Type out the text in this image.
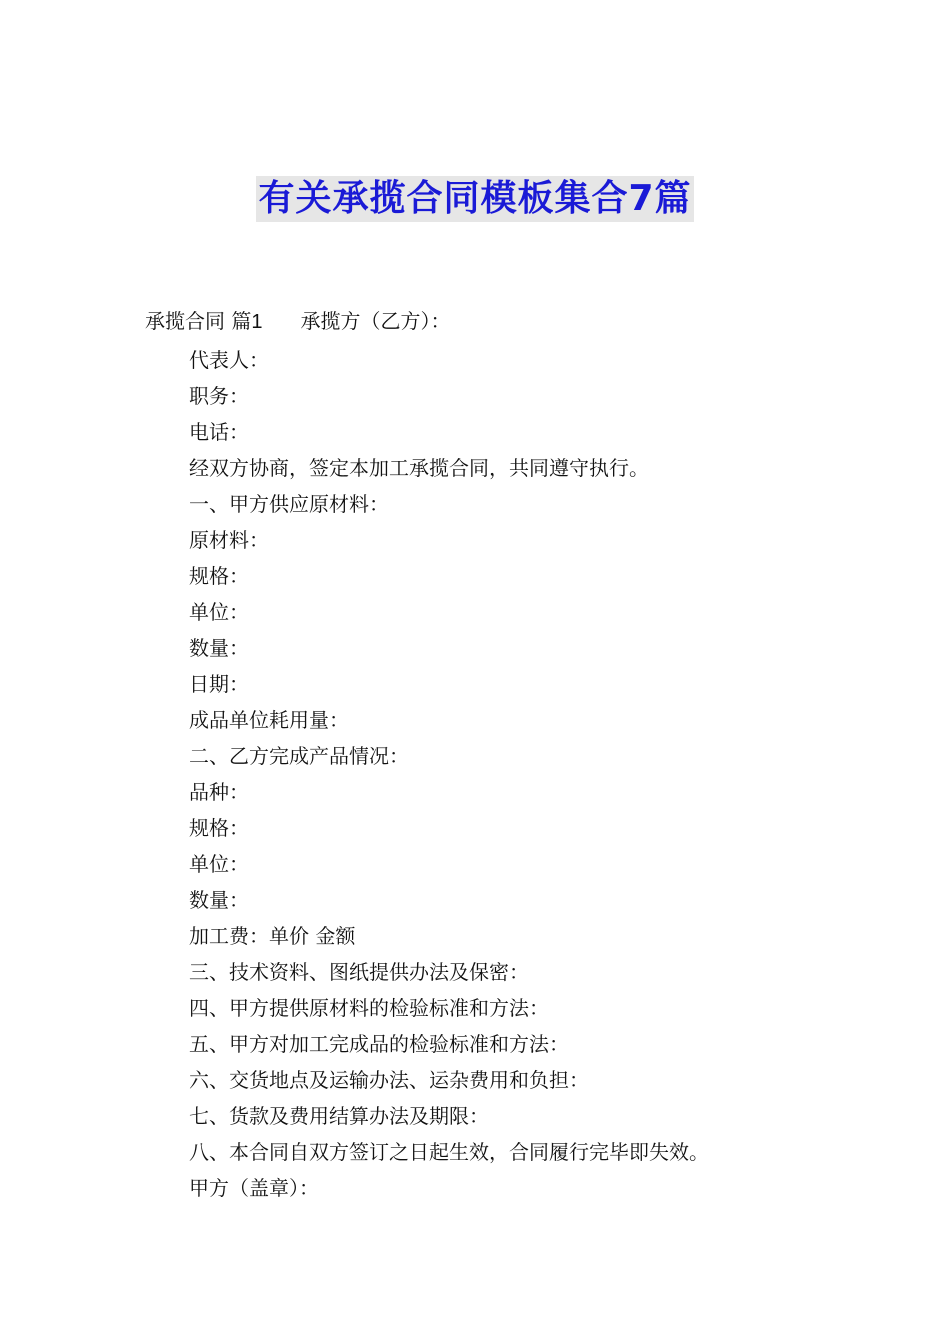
有关承揽合同模板集合7篇
承揽合同 篇1 承揽方（乙方）：
代表人：
职务：
电话：
经双方协商，签定本加工承揽合同，共同遵守执行。
一、甲方供应原材料：
原材料：
规格：
单位：
数量：
日期：
成品单位耗用量：
二、乙方完成产品情况：
品种：
规格：
单位：
数量：
加工费：单价 金额
三、技术资料、图纸提供办法及保密：
四、甲方提供原材料的检验标准和方法：
五、甲方对加工完成品的检验标准和方法：
六、交货地点及运输办法、运杂费用和负担：
七、货款及费用结算办法及期限：
八、本合同自双方签订之日起生效，合同履行完毕即失效。
甲方（盖章）：
